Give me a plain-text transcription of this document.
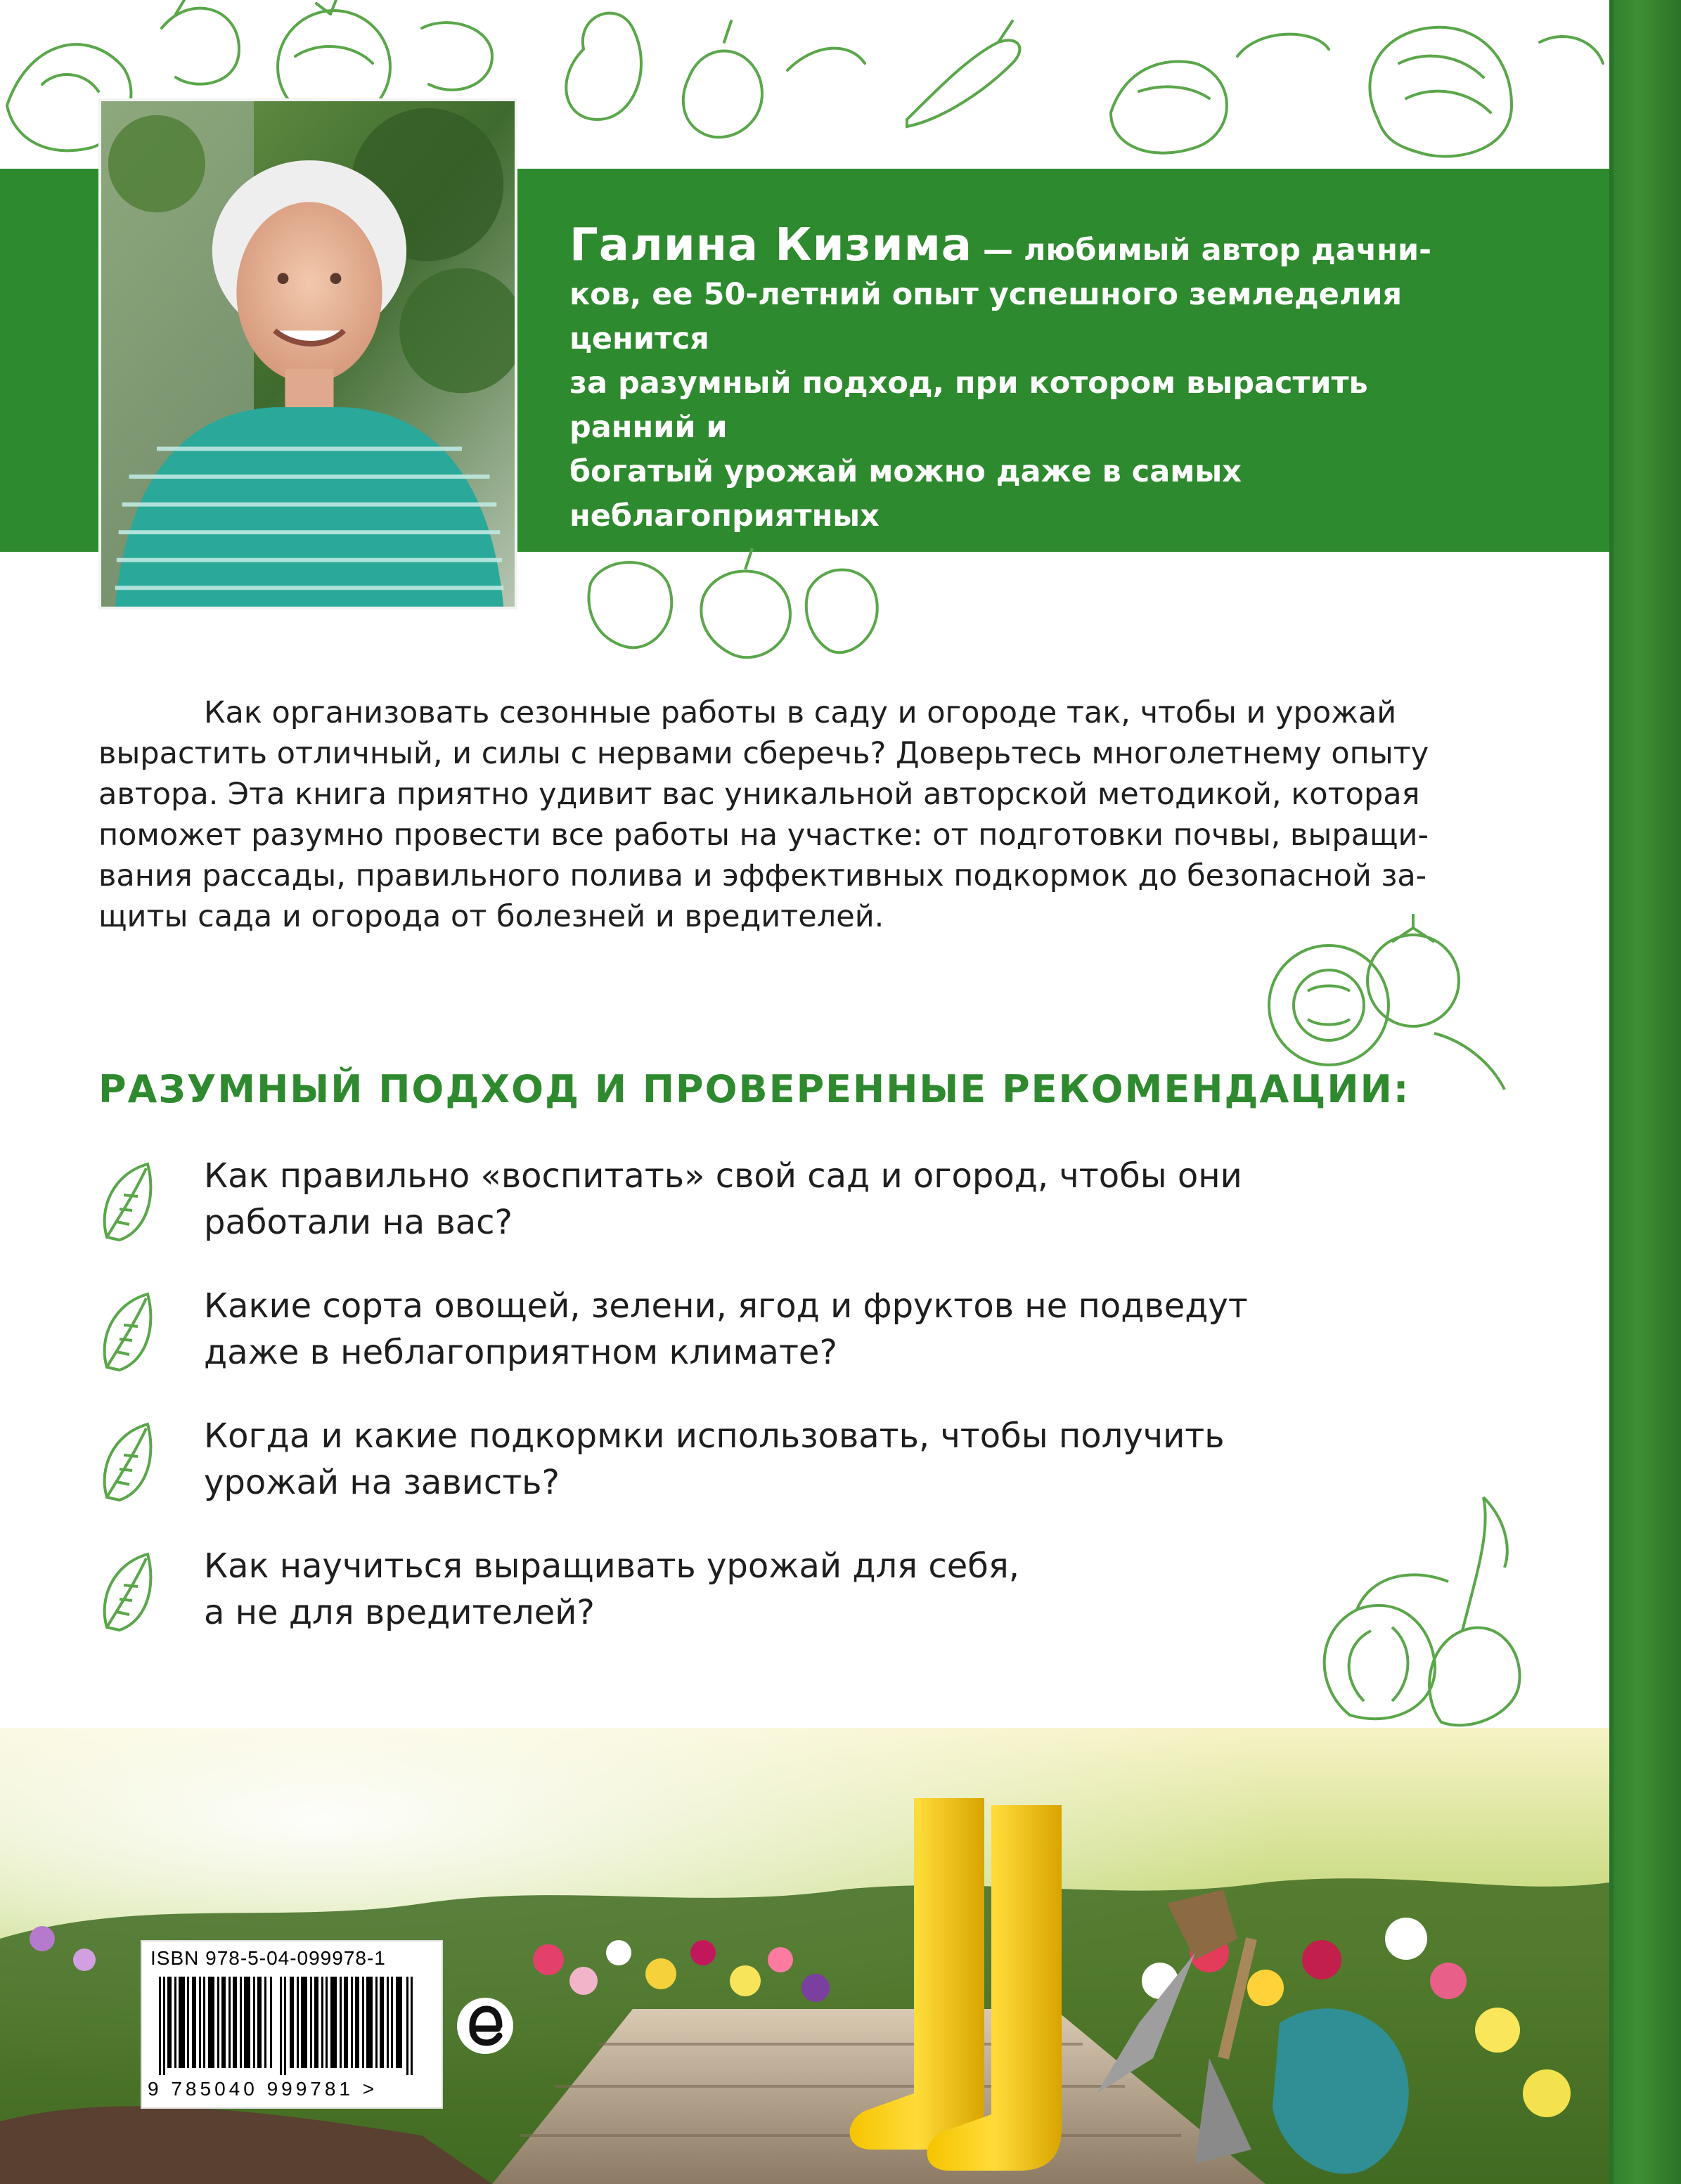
Галина Кизима — любимый автор дачни-

ков, ее 50-летний опыт успешного земледелия ценится

за разумный подход, при котором вырастить ранний и

богатый урожай можно даже в самых неблагоприятных

условиях, сэкономив при этом силы, время и деньги!

Как организовать сезонные работы в саду и огороде так, чтобы и урожай

вырастить отличный, и силы с нервами сберечь? Доверьтесь многолетнему опыту

автора. Эта книга приятно удивит вас уникальной авторской методикой, которая

поможет разумно провести все работы на участке: от подготовки почвы, выращи-

вания рассады, правильного полива и эффективных подкормок до безопасной за-

щиты сада и огорода от болезней и вредителей.

РАЗУМНЫЙ ПОДХОД И ПРОВЕРЕННЫЕ РЕКОМЕНДАЦИИ:
Как правильно «воспитать» свой сад и огород, чтобы они
работали на вас?
Какие сорта овощей, зелени, ягод и фруктов не подведут
даже в неблагоприятном климате?
Когда и какие подкормки использовать, чтобы получить
урожай на зависть?
Как научиться выращивать урожай для себя,
а не для вредителей?
ISBN 978-5-04-099978-1
9 785040 999781 >
